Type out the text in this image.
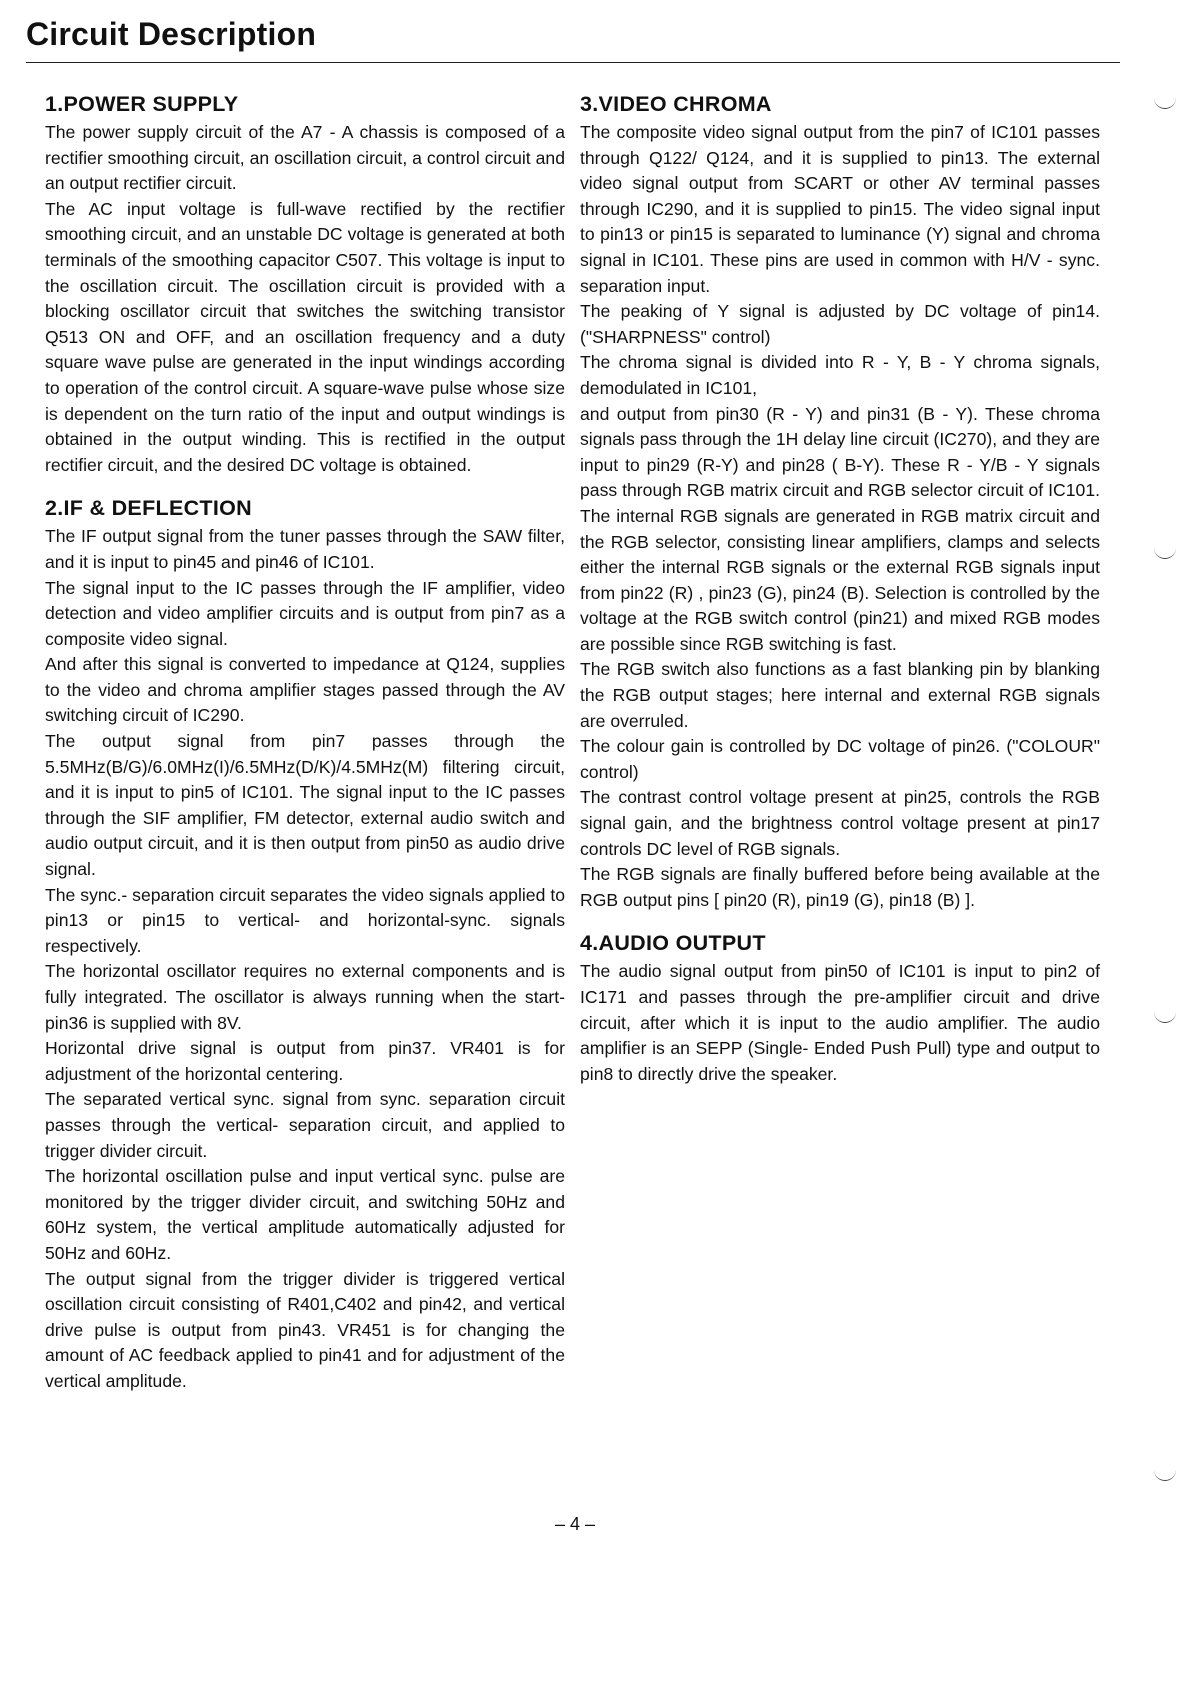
Circuit Description
1.POWER SUPPLY

The power supply circuit of the A7 - A chassis is composed of a rectifier smoothing circuit, an oscillation circuit, a control circuit and an output rectifier circuit.

The AC input voltage is full-wave rectified by the rectifier smoothing circuit, and an unstable DC voltage is generated at both terminals of the smoothing capacitor C507. This voltage is input to the oscillation circuit. The oscillation circuit is provided with a blocking oscillator circuit that switches the switching transistor Q513 ON and OFF, and an oscillation frequency and a duty square wave pulse are generated in the input windings according to operation of the control circuit. A square-wave pulse whose size is dependent on the turn ratio of the input and output windings is obtained in the output winding. This is rectified in the output rectifier circuit, and the desired DC voltage is obtained.

2.IF & DEFLECTION

The IF output signal from the tuner passes through the SAW filter, and it is input to pin45 and pin46 of IC101.

The signal input to the IC passes through the IF amplifier, video detection and video amplifier circuits and is output from pin7 as a composite video signal.

And after this signal is converted to impedance at Q124, supplies to the video and chroma amplifier stages passed through the AV switching circuit of IC290.

The output signal from pin7 passes through the 5.5MHz(B/G)/6.0MHz(I)/6.5MHz(D/K)/4.5MHz(M) filtering circuit, and it is input to pin5 of IC101. The signal input to the IC passes through the SIF amplifier, FM detector, external audio switch and audio output circuit, and it is then output from pin50 as audio drive signal.

The sync.- separation circuit separates the video signals applied to pin13 or pin15 to vertical- and horizontal-sync. signals respectively.

The horizontal oscillator requires no external components and is fully integrated. The oscillator is always running when the start- pin36 is supplied with 8V.

Horizontal drive signal is output from pin37. VR401 is for adjustment of the horizontal centering.

The separated vertical sync. signal from sync. separation circuit passes through the vertical- separation circuit, and applied to trigger divider circuit.

The horizontal oscillation pulse and input vertical sync. pulse are monitored by the trigger divider circuit, and switching 50Hz and 60Hz system, the vertical amplitude automatically adjusted for 50Hz and 60Hz.

The output signal from the trigger divider is triggered vertical oscillation circuit consisting of R401,C402 and pin42, and vertical drive pulse is output from pin43. VR451 is for changing the amount of AC feedback applied to pin41 and for adjustment of the vertical amplitude.

3.VIDEO CHROMA

The composite video signal output from the pin7 of IC101 passes through Q122/ Q124, and it is supplied to pin13. The external video signal output from SCART or other AV terminal passes through IC290, and it is supplied to pin15. The video signal input to pin13 or pin15 is separated to luminance (Y) signal and chroma signal in IC101. These pins are used in common with H/V - sync. separation input.

The peaking of Y signal is adjusted by DC voltage of pin14.("SHARPNESS" control)

The chroma signal is divided into R - Y, B - Y chroma signals, demodulated in IC101,

and output from pin30 (R - Y) and pin31 (B - Y). These chroma signals pass through the 1H delay line circuit (IC270), and they are input to pin29 (R-Y) and pin28 ( B-Y). These R - Y/B - Y signals pass through RGB matrix circuit and RGB selector circuit of IC101. The internal RGB signals are generated in RGB matrix circuit and the RGB selector, consisting linear amplifiers, clamps and selects either the internal RGB signals or the external RGB signals input from pin22 (R) , pin23 (G), pin24 (B). Selection is controlled by the voltage at the RGB switch control (pin21) and mixed RGB modes are possible since RGB switching is fast.

The RGB switch also functions as a fast blanking pin by blanking the RGB output stages; here internal and external RGB signals are overruled.

The colour gain is controlled by DC voltage of pin26. ("COLOUR" control)

The contrast control voltage present at pin25, controls the RGB signal gain, and the brightness control voltage present at pin17 controls DC level of RGB signals.

The RGB signals are finally buffered before being available at the RGB output pins [ pin20 (R), pin19 (G), pin18 (B) ].

4.AUDIO OUTPUT

The audio signal output from pin50 of IC101 is input to pin2 of IC171 and passes through the pre-amplifier circuit and drive circuit, after which it is input to the audio amplifier. The audio amplifier is an SEPP (Single- Ended Push Pull) type and output to pin8 to directly drive the speaker.

– 4 –
